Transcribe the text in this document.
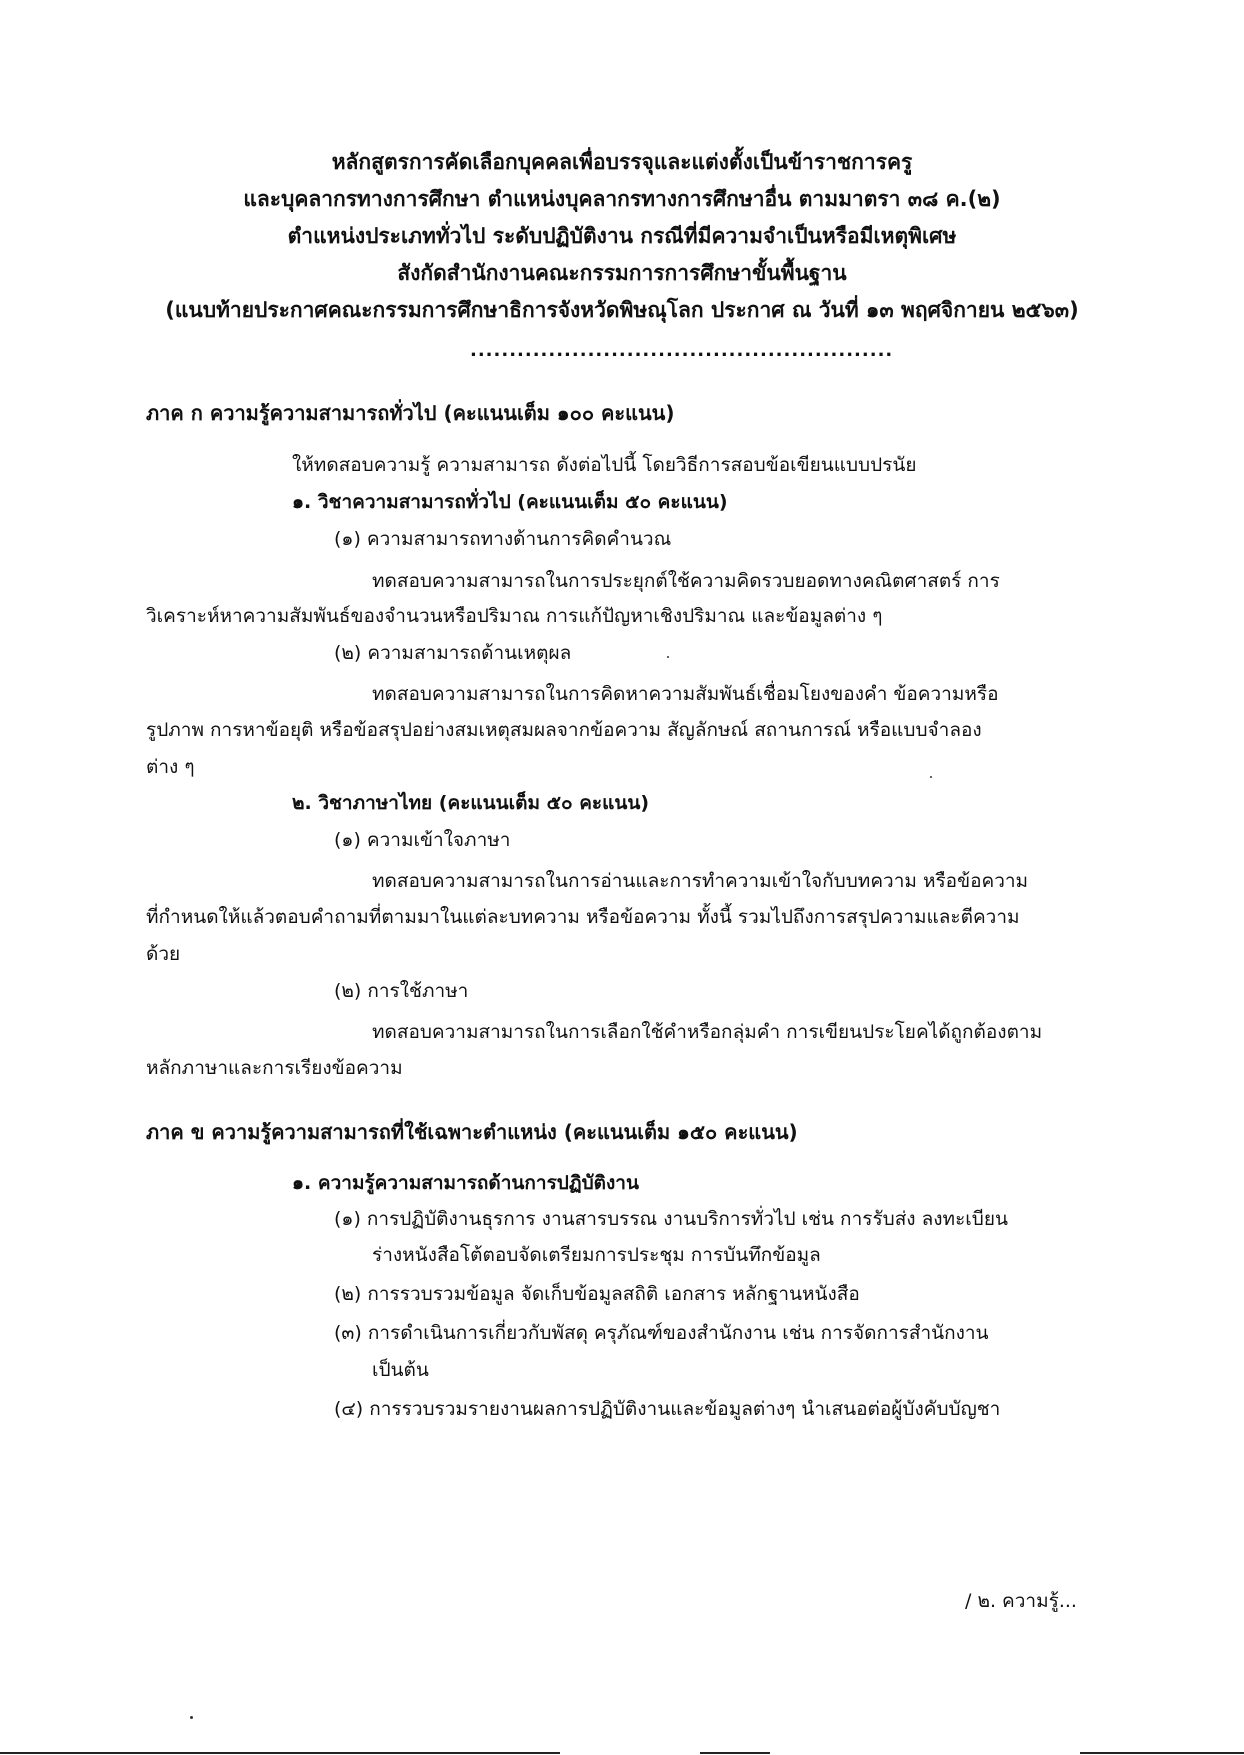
หลักสูตรการคัดเลือกบุคคลเพื่อบรรจุและแต่งตั้งเป็นข้าราชการครู
และบุคลากรทางการศึกษา ตำแหน่งบุคลากรทางการศึกษาอื่น ตามมาตรา ๓๘ ค.(๒)
ตำแหน่งประเภททั่วไป ระดับปฏิบัติงาน กรณีที่มีความจำเป็นหรือมีเหตุพิเศษ
สังกัดสำนักงานคณะกรรมการการศึกษาขั้นพื้นฐาน
(แนบท้ายประกาศคณะกรรมการศึกษาธิการจังหวัดพิษณุโลก ประกาศ ณ วันที่ ๑๓ พฤศจิกายน ๒๕๖๓)
......................................................
ภาค ก ความรู้ความสามารถทั่วไป (คะแนนเต็ม ๑๐๐ คะแนน)
ให้ทดสอบความรู้ ความสามารถ ดังต่อไปนี้ โดยวิธีการสอบข้อเขียนแบบปรนัย
๑. วิชาความสามารถทั่วไป (คะแนนเต็ม ๕๐ คะแนน)
(๑) ความสามารถทางด้านการคิดคำนวณ
ทดสอบความสามารถในการประยุกต์ใช้ความคิดรวบยอดทางคณิตศาสตร์ การ
วิเคราะห์หาความสัมพันธ์ของจำนวนหรือปริมาณ การแก้ปัญหาเชิงปริมาณ และข้อมูลต่าง ๆ
(๒) ความสามารถด้านเหตุผล
ทดสอบความสามารถในการคิดหาความสัมพันธ์เชื่อมโยงของคำ ข้อความหรือ
รูปภาพ การหาข้อยุติ หรือข้อสรุปอย่างสมเหตุสมผลจากข้อความ สัญลักษณ์ สถานการณ์ หรือแบบจำลอง
ต่าง ๆ
๒. วิชาภาษาไทย (คะแนนเต็ม ๕๐ คะแนน)
(๑) ความเข้าใจภาษา
ทดสอบความสามารถในการอ่านและการทำความเข้าใจกับบทความ หรือข้อความ
ที่กำหนดให้แล้วตอบคำถามที่ตามมาในแต่ละบทความ หรือข้อความ ทั้งนี้ รวมไปถึงการสรุปความและตีความ
ด้วย
(๒) การใช้ภาษา
ทดสอบความสามารถในการเลือกใช้คำหรือกลุ่มคำ การเขียนประโยคได้ถูกต้องตาม
หลักภาษาและการเรียงข้อความ
ภาค ข ความรู้ความสามารถที่ใช้เฉพาะตำแหน่ง (คะแนนเต็ม ๑๕๐ คะแนน)
๑. ความรู้ความสามารถด้านการปฏิบัติงาน
(๑) การปฏิบัติงานธุรการ งานสารบรรณ งานบริการทั่วไป เช่น การรับส่ง ลงทะเบียน
ร่างหนังสือโต้ตอบจัดเตรียมการประชุม การบันทึกข้อมูล
(๒) การรวบรวมข้อมูล จัดเก็บข้อมูลสถิติ เอกสาร หลักฐานหนังสือ
(๓) การดำเนินการเกี่ยวกับพัสดุ ครุภัณฑ์ของสำนักงาน เช่น การจัดการสำนักงาน
เป็นต้น
(๔) การรวบรวมรายงานผลการปฏิบัติงานและข้อมูลต่างๆ นำเสนอต่อผู้บังคับบัญชา
/ ๒. ความรู้...
